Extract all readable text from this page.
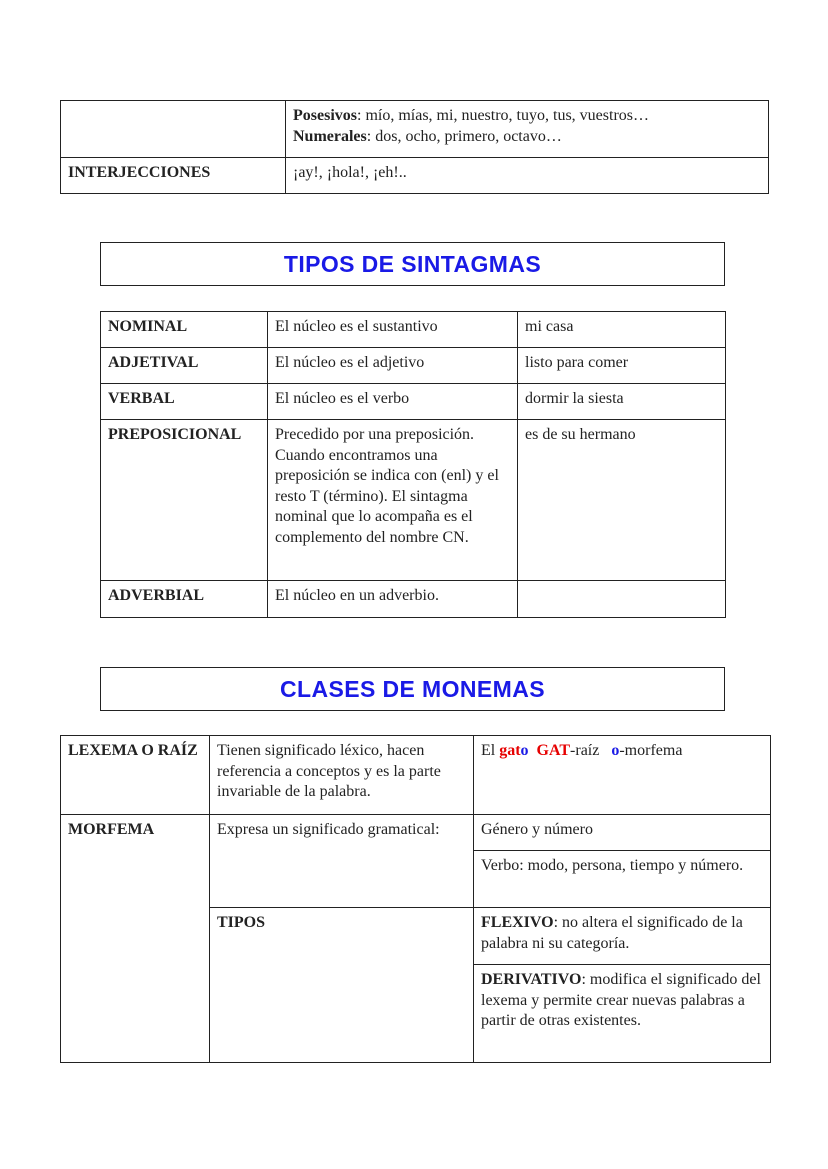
	Posesivos: mío, mías, mi, nuestro, tuyo, tus, vuestros…
Numerales: dos, ocho, primero, octavo…
INTERJECCIONES	¡ay!, ¡hola!, ¡eh!..
TIPOS DE SINTAGMAS
NOMINAL	El núcleo es el sustantivo	mi casa
ADJETIVAL	El núcleo es el adjetivo	listo para comer
VERBAL	El núcleo es el verbo	dormir la siesta
PREPOSICIONAL	Precedido por una preposición. Cuando encontramos una preposición se indica con (enl) y el resto T (término). El sintagma nominal que lo acompaña es el complemento del nombre CN.	es de su hermano
ADVERBIAL	El núcleo en un adverbio.	
CLASES DE MONEMAS
LEXEMA O RAÍZ	Tienen significado léxico, hacen referencia a conceptos y es la parte invariable de la palabra.	El gato GAT-raíz o-morfema
MORFEMA	Expresa un significado gramatical:	Género y número
		Verbo: modo, persona, tiempo y número.
	TIPOS	FLEXIVO: no altera el significado de la palabra ni su categoría.
		DERIVATIVO: modifica el significado del lexema y permite crear nuevas palabras a partir de otras existentes.
